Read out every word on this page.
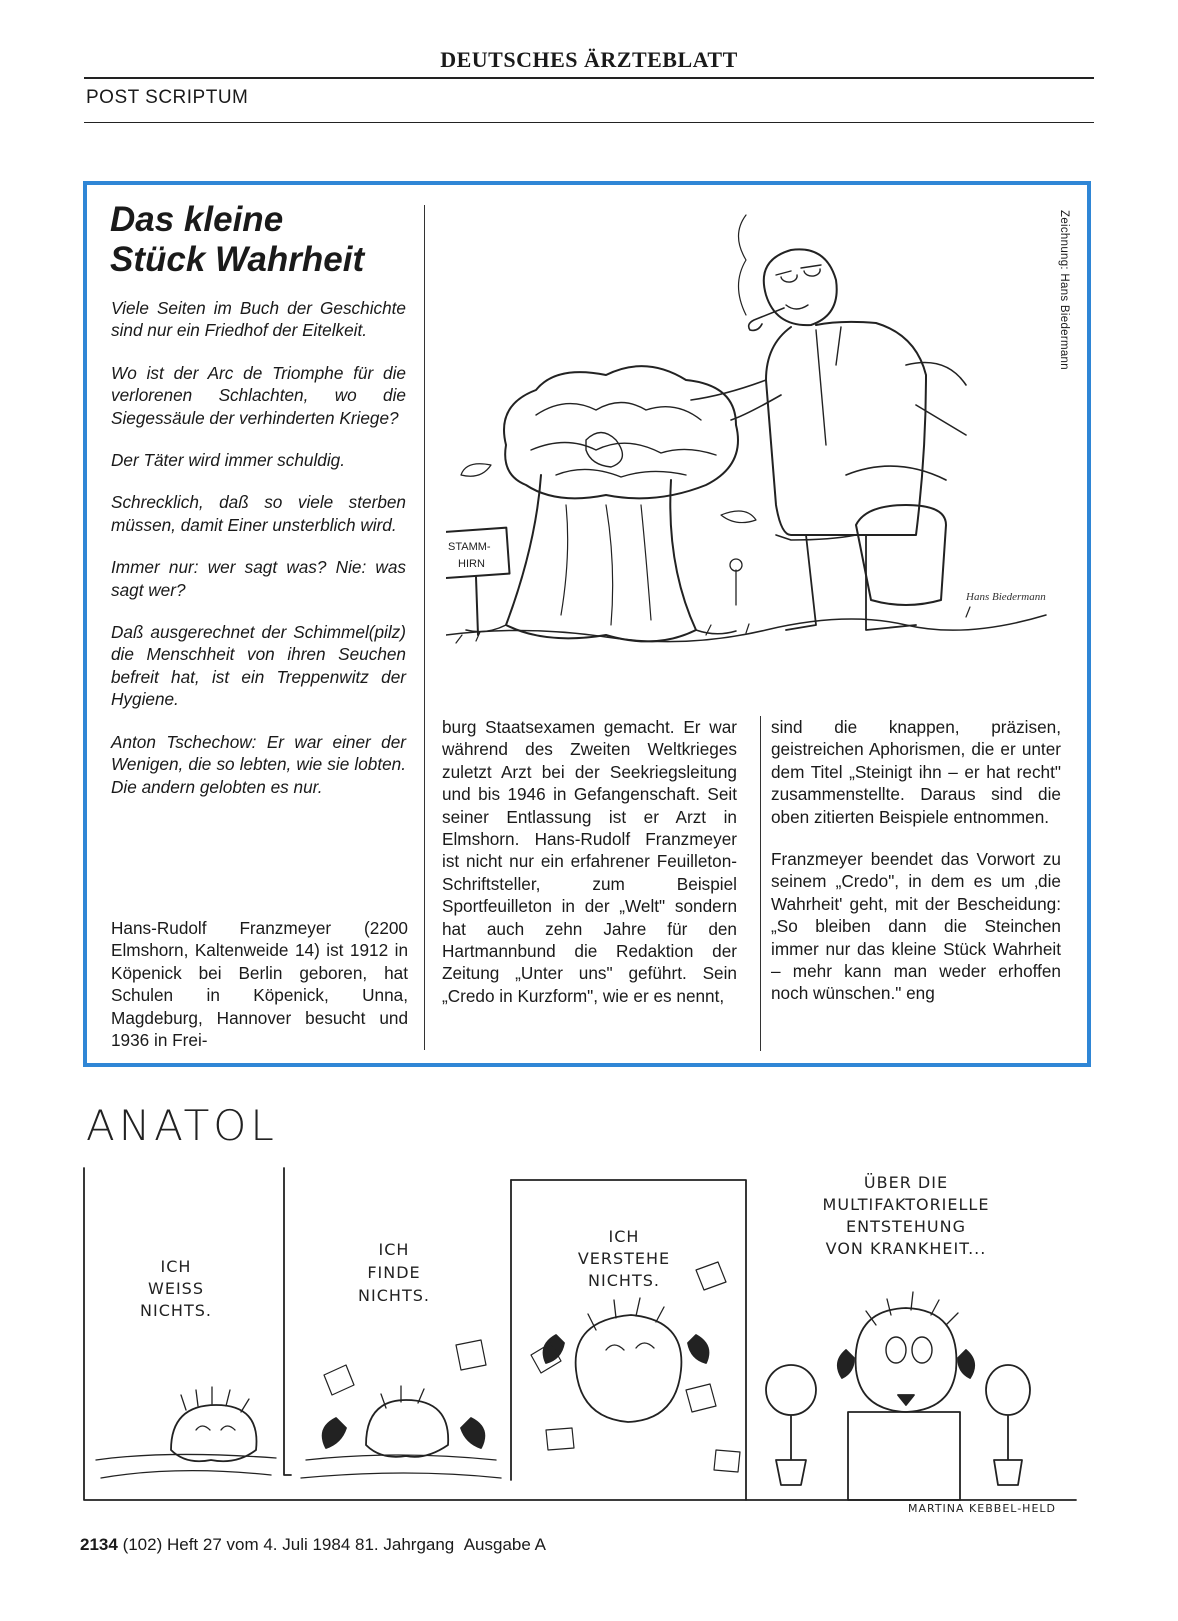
DEUTSCHES ÄRZTEBLATT
POST SCRIPTUM
Das kleine
Stück Wahrheit

Viele Seiten im Buch der Geschichte sind nur ein Friedhof der Eitelkeit.

Wo ist der Arc de Triomphe für die verlorenen Schlachten, wo die Siegessäule der verhinderten Kriege?

Der Täter wird immer schuldig.

Schrecklich, daß so viele sterben müssen, damit Einer unsterblich wird.

Immer nur: wer sagt was? Nie: was sagt wer?

Daß ausgerechnet der Schimmel(pilz) die Menschheit von ihren Seuchen befreit hat, ist ein Treppenwitz der Hygiene.

Anton Tschechow: Er war einer der Wenigen, die so lebten, wie sie lobten. Die andern gelobten es nur.

Hans-Rudolf Franzmeyer (2200 Elmshorn, Kaltenweide 14) ist 1912 in Köpenick bei Berlin geboren, hat Schulen in Köpenick, Unna, Magdeburg, Hannover besucht und 1936 in Frei-

burg Staatsexamen gemacht. Er war während des Zweiten Weltkrieges zuletzt Arzt bei der Seekriegsleitung und bis 1946 in Gefangenschaft. Seit seiner Entlassung ist er Arzt in Elmshorn. Hans-Rudolf Franzmeyer ist nicht nur ein erfahrener Feuilleton-Schriftsteller, zum Beispiel Sportfeuilleton in der „Welt" sondern hat auch zehn Jahre für den Hartmannbund die Redaktion der Zeitung „Unter uns" geführt. Sein „Credo in Kurzform", wie er es nennt,

sind die knappen, präzisen, geistreichen Aphorismen, die er unter dem Titel „Steinigt ihn – er hat recht" zusammenstellte. Daraus sind die oben zitierten Beispiele entnommen.

Franzmeyer beendet das Vorwort zu seinem „Credo", in dem es um ‚die Wahrheit' geht, mit der Bescheidung: „So bleiben dann die Steinchen immer nur das kleine Stück Wahrheit – mehr kann man weder erhoffen noch wünschen." eng

Zeichnung: Hans Biedermann
STAMM-
HIRN
Hans Biedermann
ANATOL
ICH
WEISS
NICHTS.
ICH
FINDE
NICHTS.
ICH
VERSTEHE
NICHTS.
ÜBER DIE
MULTIFAKTORIELLE
ENTSTEHUNG
VON KRANKHEIT...
MARTINA KEBBEL-HELD
2134 (102) Heft 27 vom 4. Juli 1984 81. Jahrgang Ausgabe A
